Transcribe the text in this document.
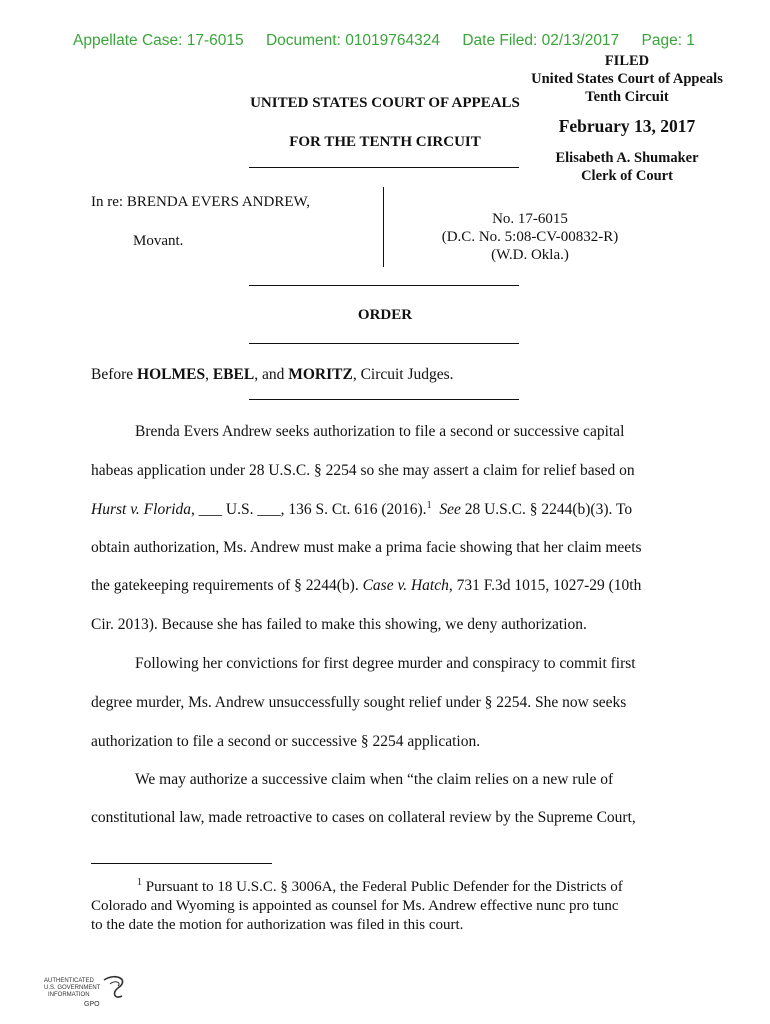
Appellate Case: 17-6015 Document: 01019764324 Date Filed: 02/13/2017 Page: 1
FILED
United States Court of Appeals
Tenth Circuit
February 13, 2017
Elisabeth A. Shumaker
Clerk of Court
UNITED STATES COURT OF APPEALS
FOR THE TENTH CIRCUIT
In re: BRENDA EVERS ANDREW,
Movant.
No. 17-6015
(D.C. No. 5:08-CV-00832-R)
(W.D. Okla.)
ORDER
Before HOLMES, EBEL, and MORITZ, Circuit Judges.
Brenda Evers Andrew seeks authorization to file a second or successive capital
habeas application under 28 U.S.C. § 2254 so she may assert a claim for relief based on
Hurst v. Florida, ___ U.S. ___, 136 S. Ct. 616 (2016).$^1$ See 28 U.S.C. § 2244(b)(3). To
obtain authorization, Ms. Andrew must make a prima facie showing that her claim meets
the gatekeeping requirements of § 2244(b). Case v. Hatch, 731 F.3d 1015, 1027-29 (10th
Cir. 2013). Because she has failed to make this showing, we deny authorization.
Following her convictions for first degree murder and conspiracy to commit first
degree murder, Ms. Andrew unsuccessfully sought relief under § 2254. She now seeks
authorization to file a second or successive § 2254 application.
We may authorize a successive claim when “the claim relies on a new rule of
constitutional law, made retroactive to cases on collateral review by the Supreme Court,
$^1$ Pursuant to 18 U.S.C. § 3006A, the Federal Public Defender for the Districts of
Colorado and Wyoming is appointed as counsel for Ms. Andrew effective nunc pro tunc
to the date the motion for authorization was filed in this court.
AUTHENTICATED
U.S. GOVERNMENT
INFORMATION
GPO
